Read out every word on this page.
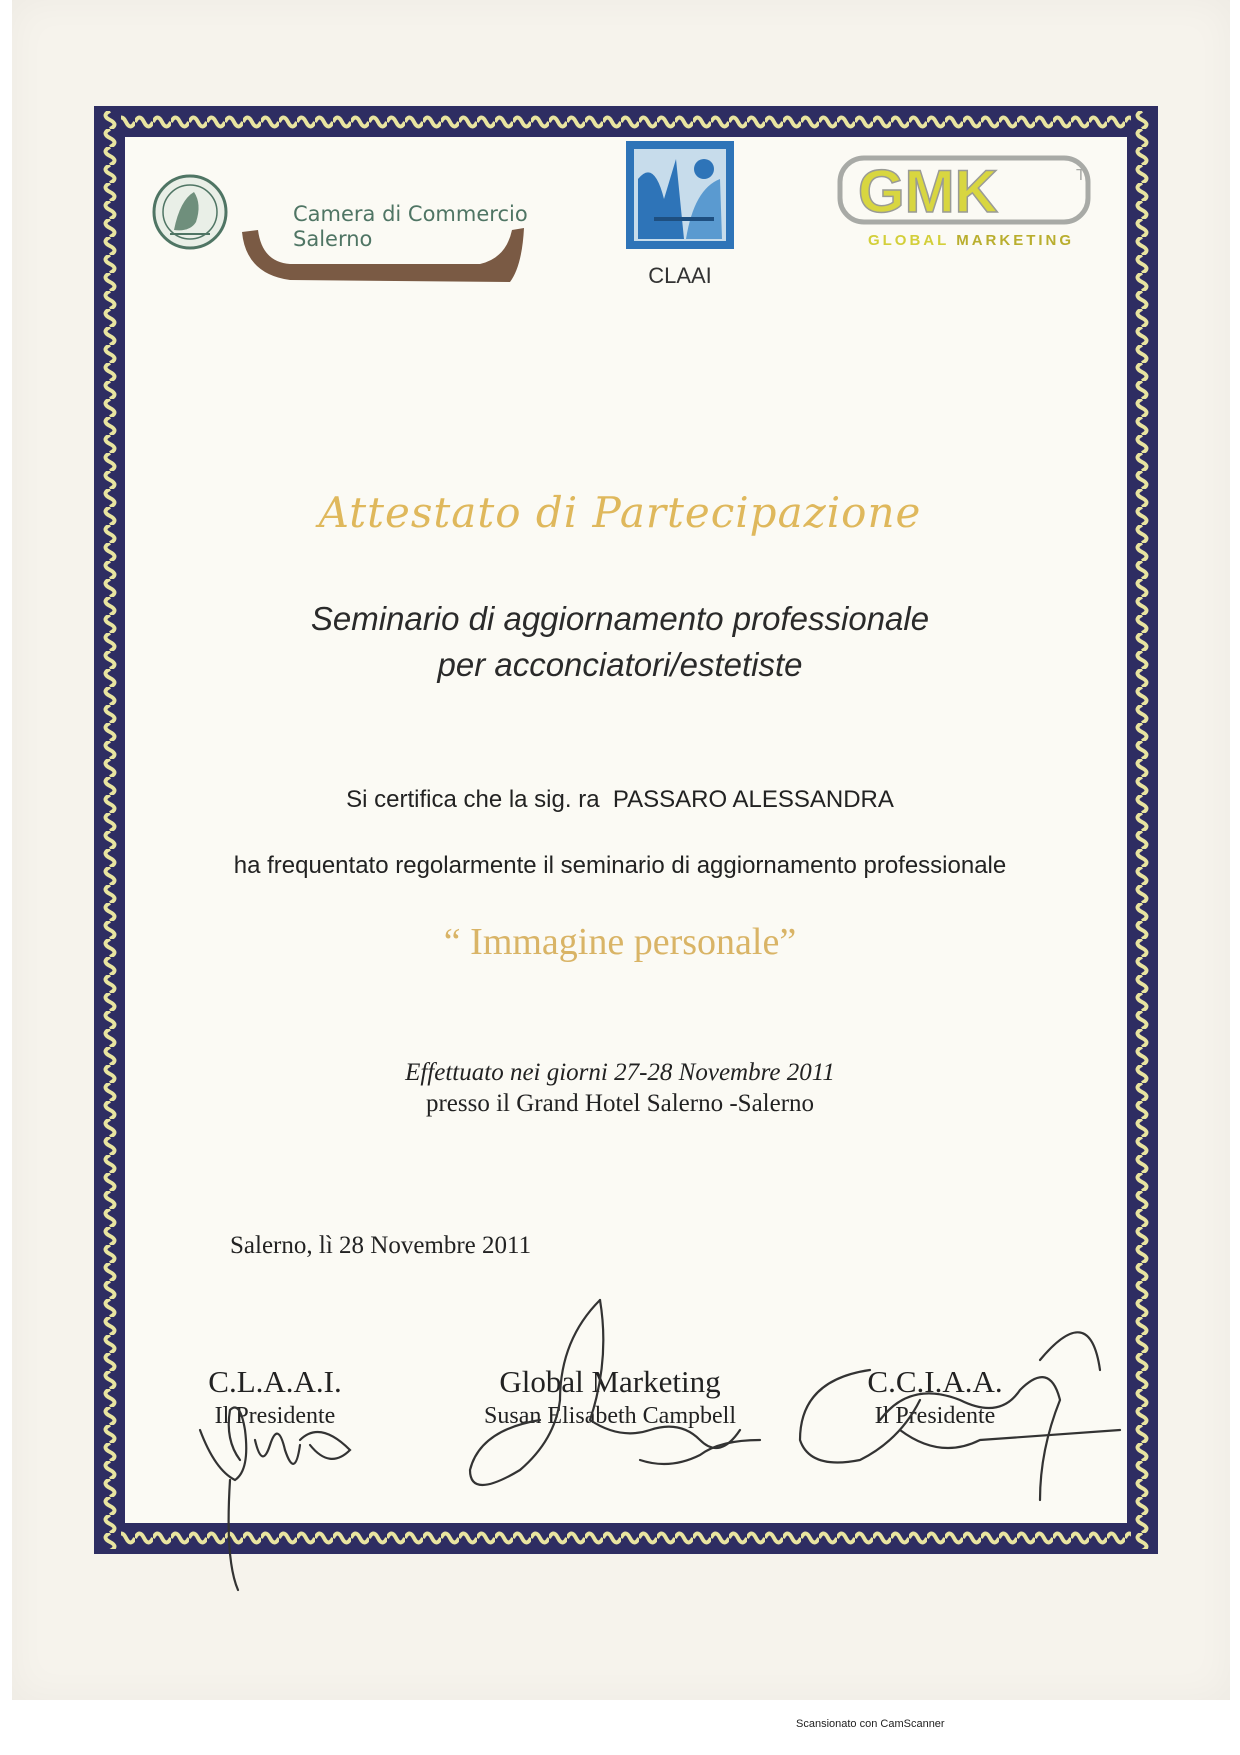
Camera di Commercio
Salerno
CLAAI
GMK	T
GLOBAL MARKETING
Attestato di Partecipazione
Seminario di aggiornamento professionale
per acconciatori/estetiste
Si certifica che la sig. ra  PASSARO ALESSANDRA
ha frequentato regolarmente il seminario di aggiornamento professionale
“ Immagine personale”
Effettuato nei giorni 27-28 Novembre 2011
presso il Grand Hotel Salerno -Salerno
Salerno, lì 28 Novembre 2011
C.L.A.A.I.
Il Presidente
Global Marketing
Susan Elisabeth Campbell
C.C.I.A.A.
Il Presidente
Scansionato con CamScanner
